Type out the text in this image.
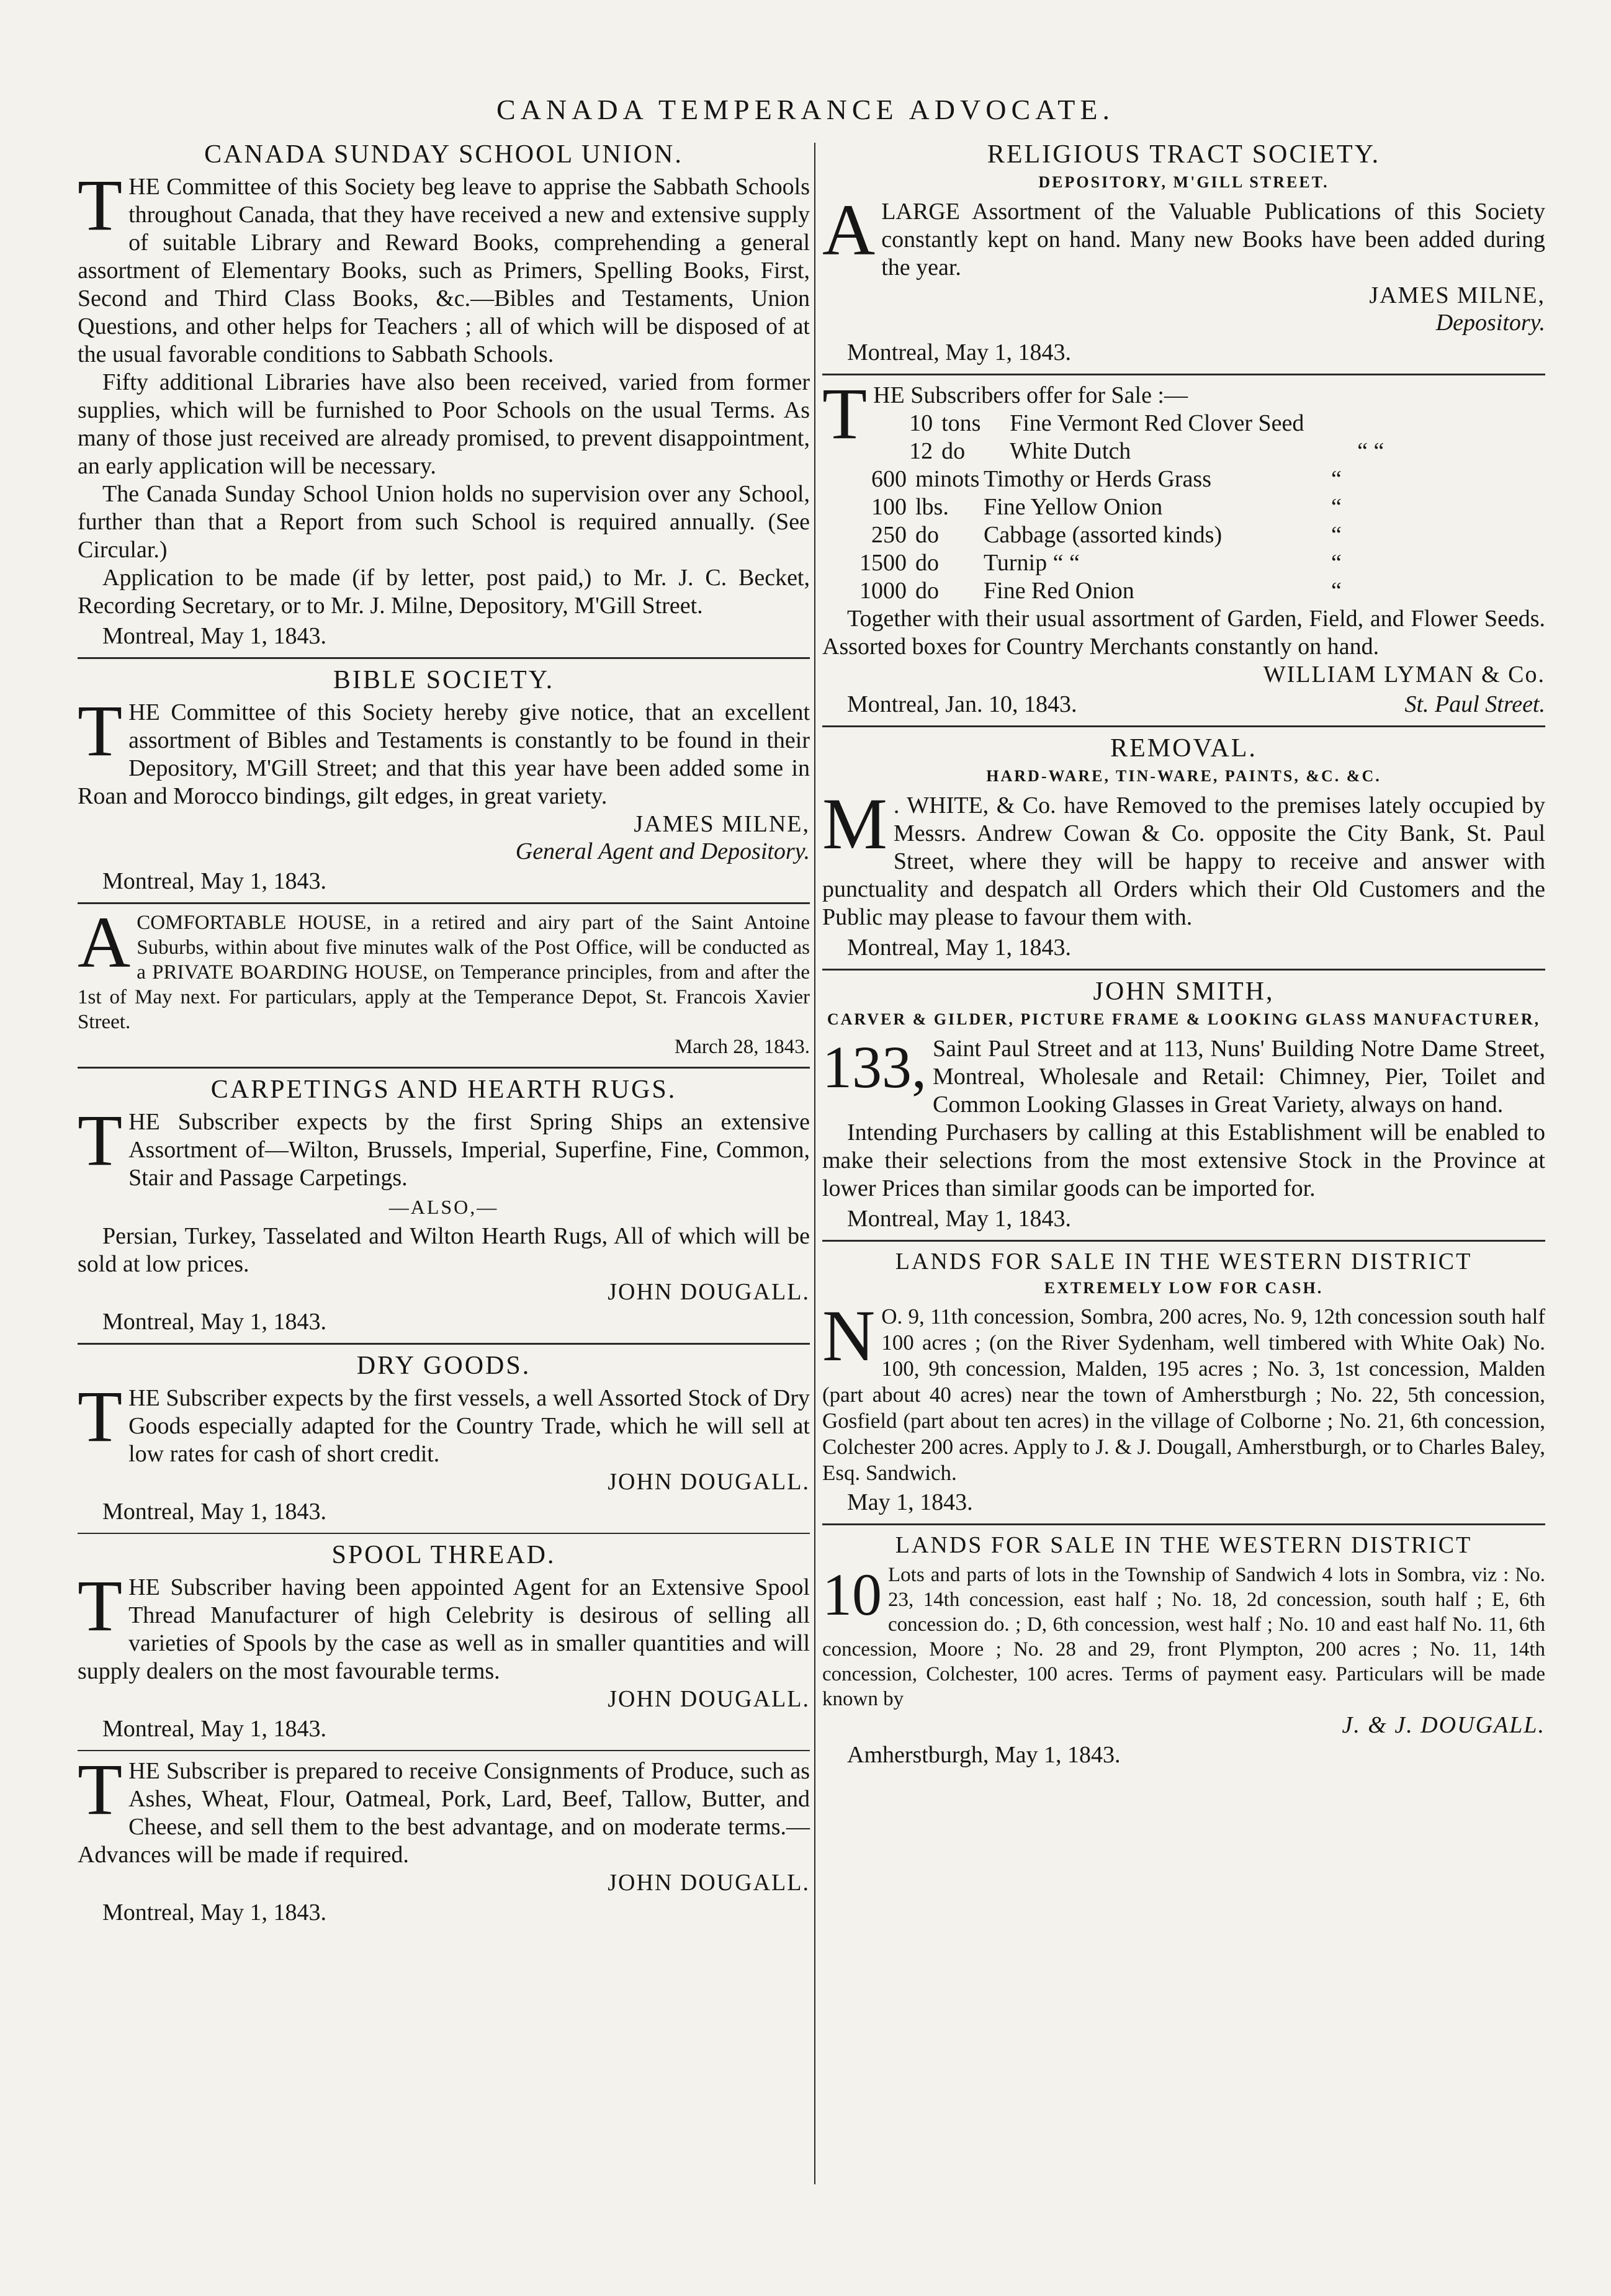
CANADA TEMPERANCE ADVOCATE.
CANADA SUNDAY SCHOOL UNION.

THE Committee of this Society beg leave to apprise the Sabbath Schools throughout Canada, that they have received a new and extensive supply of suitable Library and Reward Books, comprehending a general assortment of Elementary Books, such as Primers, Spelling Books, First, Second and Third Class Books, &c.—Bibles and Testaments, Union Questions, and other helps for Teachers ; all of which will be disposed of at the usual favorable conditions to Sabbath Schools.

Fifty additional Libraries have also been received, varied from former supplies, which will be furnished to Poor Schools on the usual Terms. As many of those just received are already promised, to prevent disappointment, an early application will be necessary.

The Canada Sunday School Union holds no supervision over any School, further than that a Report from such School is required annually. (See Circular.)

Application to be made (if by letter, post paid,) to Mr. J. C. Becket, Recording Secretary, or to Mr. J. Milne, Depository, M'Gill Street.

Montreal, May 1, 1843.
BIBLE SOCIETY.

THE Committee of this Society hereby give notice, that an excellent assortment of Bibles and Testaments is constantly to be found in their Depository, M'Gill Street; and that this year have been added some in Roan and Morocco bindings, gilt edges, in great variety.

JAMES MILNE,
General Agent and Depository.
Montreal, May 1, 1843.
ACOMFORTABLE HOUSE, in a retired and airy part of the Saint Antoine Suburbs, within about five minutes walk of the Post Office, will be conducted as a PRIVATE BOARDING HOUSE, on Temperance principles, from and after the 1st of May next. For particulars, apply at the Temperance Depot, St. Francois Xavier Street.
March 28, 1843.
CARPETINGS AND HEARTH RUGS.

THE Subscriber expects by the first Spring Ships an extensive Assortment of—Wilton, Brussels, Imperial, Superfine, Fine, Common, Stair and Passage Carpetings.

—ALSO,—

Persian, Turkey, Tasselated and Wilton Hearth Rugs, All of which will be sold at low prices.

JOHN DOUGALL.
Montreal, May 1, 1843.
DRY GOODS.

THE Subscriber expects by the first vessels, a well Assorted Stock of Dry Goods especially adapted for the Country Trade, which he will sell at low rates for cash of short credit.

JOHN DOUGALL.
Montreal, May 1, 1843.
SPOOL THREAD.

THE Subscriber having been appointed Agent for an Extensive Spool Thread Manufacturer of high Celebrity is desirous of selling all varieties of Spools by the case as well as in smaller quantities and will supply dealers on the most favourable terms.

JOHN DOUGALL.
Montreal, May 1, 1843.

THE Subscriber is prepared to receive Consignments of Produce, such as Ashes, Wheat, Flour, Oatmeal, Pork, Lard, Beef, Tallow, Butter, and Cheese, and sell them to the best advantage, and on moderate terms.—Advances will be made if required.

JOHN DOUGALL.
Montreal, May 1, 1843.
RELIGIOUS TRACT SOCIETY.
DEPOSITORY, M'GILL STREET.

ALARGE Assortment of the Valuable Publications of this Society constantly kept on hand. Many new Books have been added during the year.

JAMES MILNE,
Depository.
Montreal, May 1, 1843.

THE Subscribers offer for Sale :—

10 tons	Fine Vermont Red Clover Seed
12 do	White Dutch	“ “
600 minots Timothy or Herds Grass	“
100 lbs.	Fine Yellow Onion	“
250 do	Cabbage (assorted kinds)	“
1500 do	Turnip “ “	“
1000 do	Fine Red Onion	“

Together with their usual assortment of Garden, Field, and Flower Seeds. Assorted boxes for Country Merchants constantly on hand.

WILLIAM LYMAN & Co.
Montreal, Jan. 10, 1843.	St. Paul Street.
REMOVAL.
HARD-WARE, TIN-WARE, PAINTS, &C. &C.

M . WHITE, & Co. have Removed to the premises lately occupied by Messrs. Andrew Cowan & Co. opposite the City Bank, St. Paul Street, where they will be happy to receive and answer with punctuality and despatch all Orders which their Old Customers and the Public may please to favour them with.

Montreal, May 1, 1843.
JOHN SMITH,
CARVER & GILDER, PICTURE FRAME & LOOKING GLASS MANUFACTURER,

133, Saint Paul Street and at 113, Nuns' Building Notre Dame Street, Montreal, Wholesale and Retail: Chimney, Pier, Toilet and Common Looking Glasses in Great Variety, always on hand.

Intending Purchasers by calling at this Establishment will be enabled to make their selections from the most extensive Stock in the Province at lower Prices than similar goods can be imported for.

Montreal, May 1, 1843.
LANDS FOR SALE IN THE WESTERN DISTRICT
EXTREMELY LOW FOR CASH.

N O. 9, 11th concession, Sombra, 200 acres, No. 9, 12th concession south half 100 acres ; (on the River Sydenham, well timbered with White Oak) No. 100, 9th concession, Malden, 195 acres ; No. 3, 1st concession, Malden (part about 40 acres) near the town of Amherstburgh ; No. 22, 5th concession, Gosfield (part about ten acres) in the village of Colborne ; No. 21, 6th concession, Colchester 200 acres. Apply to J. & J. Dougall, Amherstburgh, or to Charles Baley, Esq. Sandwich.

May 1, 1843.
LANDS FOR SALE IN THE WESTERN DISTRICT

10 Lots and parts of lots in the Township of Sandwich 4 lots in Sombra, viz : No. 23, 14th concession, east half ; No. 18, 2d concession, south half ; E, 6th concession do. ; D, 6th concession, west half ; No. 10 and east half No. 11, 6th concession, Moore ; No. 28 and 29, front Plympton, 200 acres ; No. 11, 14th concession, Colchester, 100 acres. Terms of payment easy. Particulars will be made known by

J. & J. DOUGALL.
Amherstburgh, May 1, 1843.
